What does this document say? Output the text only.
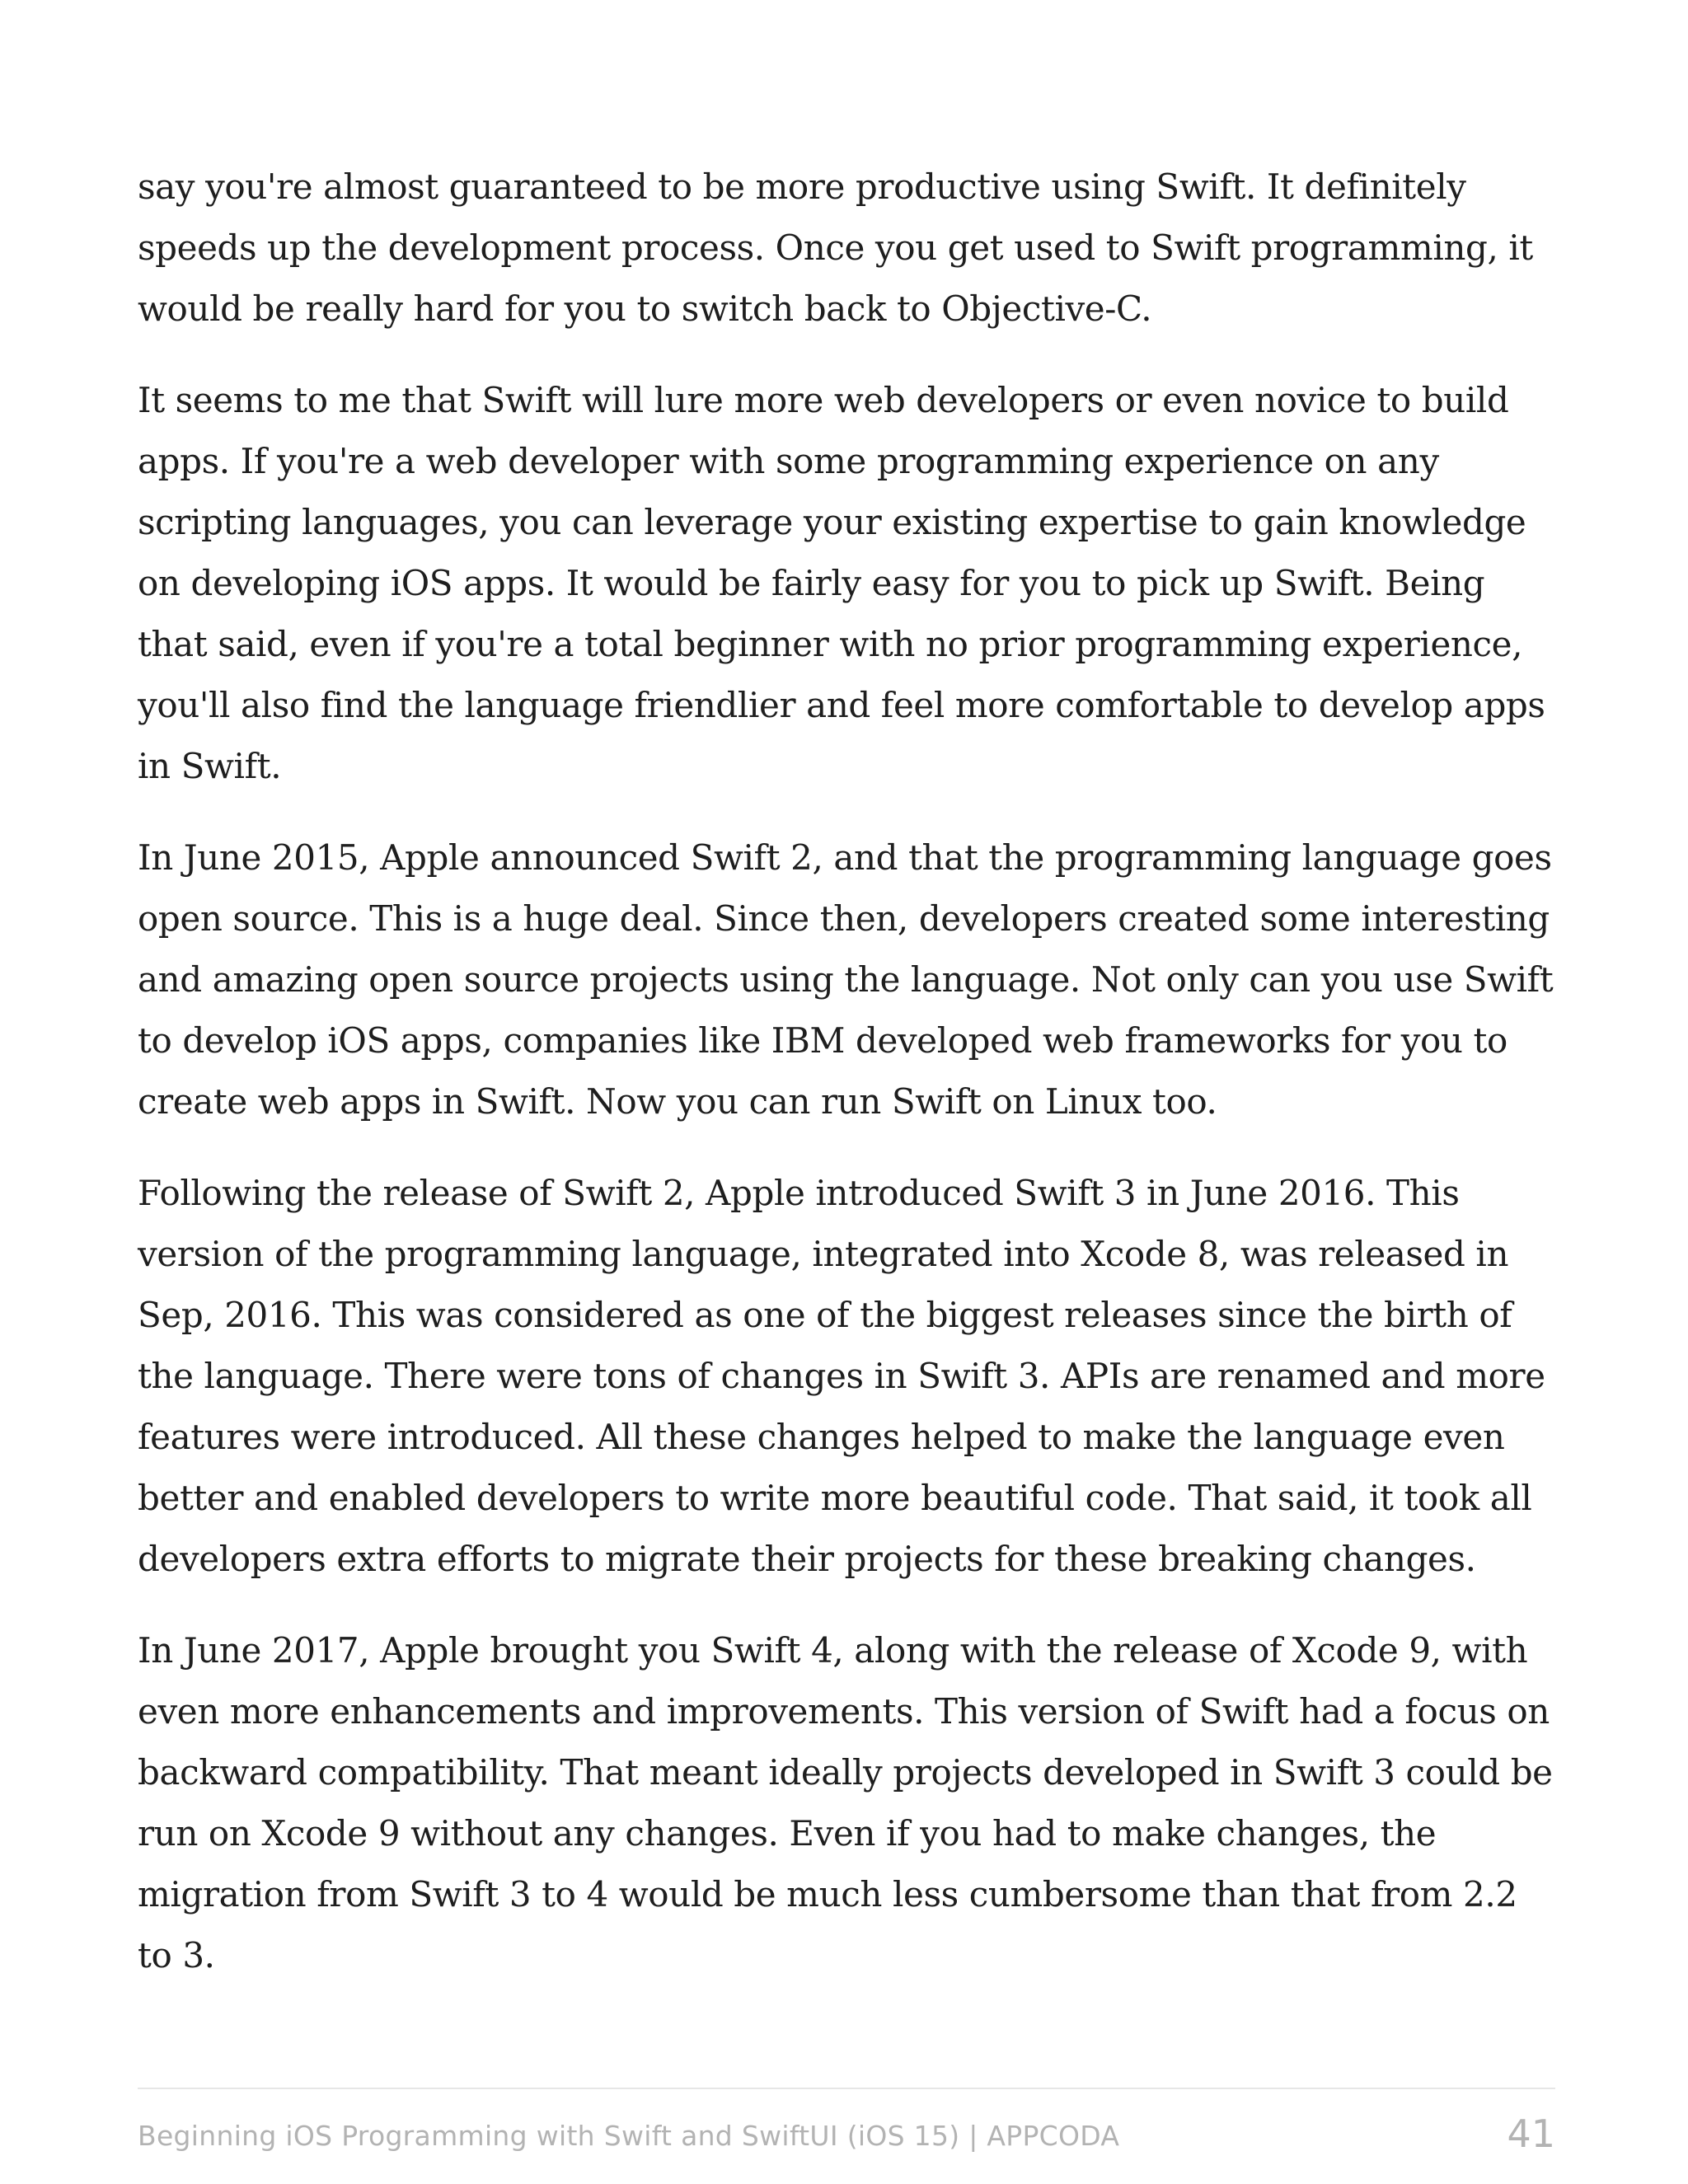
say you're almost guaranteed to be more productive using Swift. It definitely speeds up the development process. Once you get used to Swift programming, it would be really hard for you to switch back to Objective-C.

It seems to me that Swift will lure more web developers or even novice to build apps. If you're a web developer with some programming experience on any scripting languages, you can leverage your existing expertise to gain knowledge on developing iOS apps. It would be fairly easy for you to pick up Swift. Being that said, even if you're a total beginner with no prior programming experience, you'll also find the language friendlier and feel more comfortable to develop apps in Swift.

In June 2015, Apple announced Swift 2, and that the programming language goes open source. This is a huge deal. Since then, developers created some interesting and amazing open source projects using the language. Not only can you use Swift to develop iOS apps, companies like IBM developed web frameworks for you to create web apps in Swift. Now you can run Swift on Linux too.

Following the release of Swift 2, Apple introduced Swift 3 in June 2016. This version of the programming language, integrated into Xcode 8, was released in Sep, 2016. This was considered as one of the biggest releases since the birth of the language. There were tons of changes in Swift 3. APIs are renamed and more features were introduced. All these changes helped to make the language even better and enabled developers to write more beautiful code. That said, it took all developers extra efforts to migrate their projects for these breaking changes.

In June 2017, Apple brought you Swift 4, along with the release of Xcode 9, with even more enhancements and improvements. This version of Swift had a focus on backward compatibility. That meant ideally projects developed in Swift 3 could be run on Xcode 9 without any changes. Even if you had to make changes, the migration from Swift 3 to 4 would be much less cumbersome than that from 2.2 to 3.

Beginning iOS Programming with Swift and SwiftUI (iOS 15) | APPCODA	41
